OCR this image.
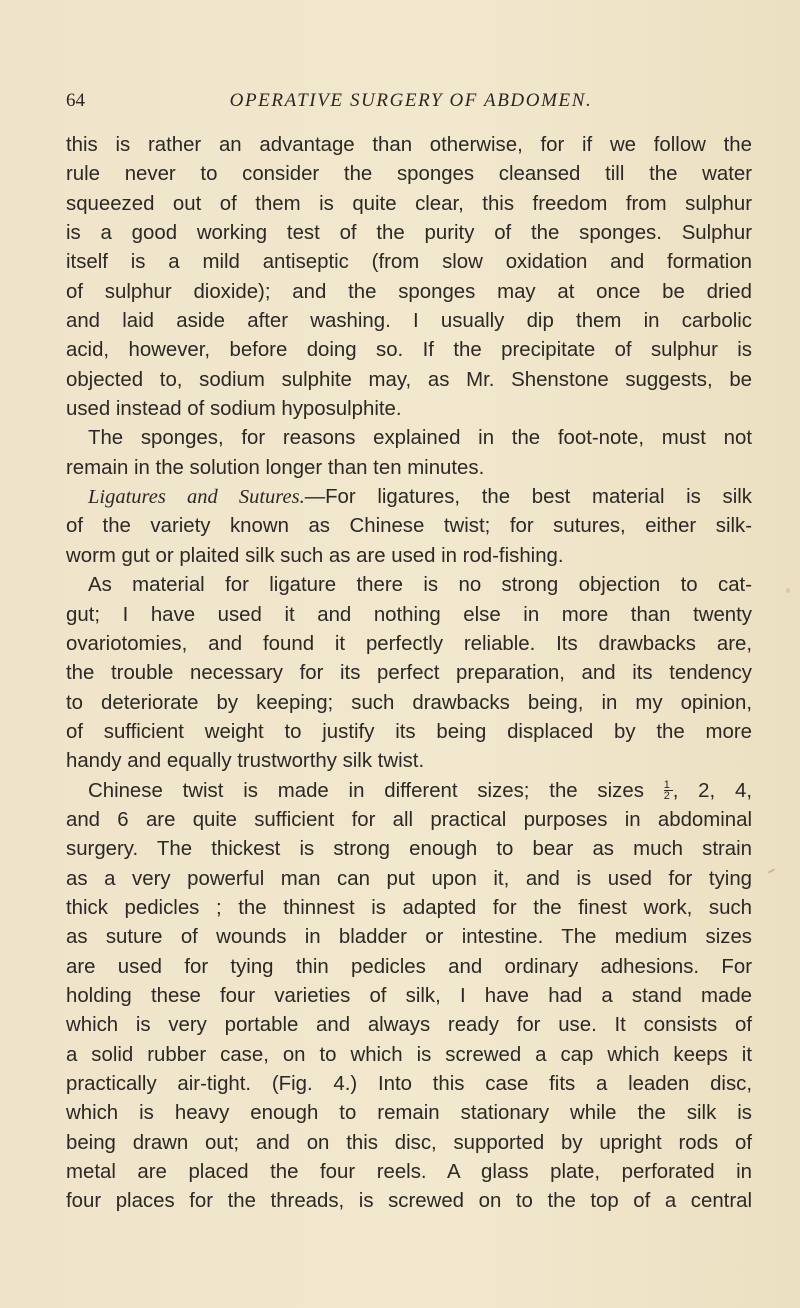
64	OPERATIVE SURGERY OF ABDOMEN.
this is rather an advantage than otherwise, for if we follow the
rule never to consider the sponges cleansed till the water
squeezed out of them is quite clear, this freedom from sulphur
is a good working test of the purity of the sponges. Sulphur
itself is a mild antiseptic (from slow oxidation and formation
of sulphur dioxide); and the sponges may at once be dried
and laid aside after washing. I usually dip them in carbolic
acid, however, before doing so. If the precipitate of sulphur is
objected to, sodium sulphite may, as Mr. Shenstone suggests, be
used instead of sodium hyposulphite.
The sponges, for reasons explained in the foot-note, must not
remain in the solution longer than ten minutes.
Ligatures and Sutures.—For ligatures, the best material is silk
of the variety known as Chinese twist; for sutures, either silk-
worm gut or plaited silk such as are used in rod-fishing.
As material for ligature there is no strong objection to cat-
gut; I have used it and nothing else in more than twenty
ovariotomies, and found it perfectly reliable. Its drawbacks are,
the trouble necessary for its perfect preparation, and its tendency
to deteriorate by keeping; such drawbacks being, in my opinion,
of sufficient weight to justify its being displaced by the more
handy and equally trustworthy silk twist.
Chinese twist is made in different sizes; the sizes $\frac{1}{2}$ , 2, 4,
and 6 are quite sufficient for all practical purposes in abdominal
surgery. The thickest is strong enough to bear as much strain
as a very powerful man can put upon it, and is used for tying
thick pedicles ; the thinnest is adapted for the finest work, such
as suture of wounds in bladder or intestine. The medium sizes
are used for tying thin pedicles and ordinary adhesions. For
holding these four varieties of silk, I have had a stand made
which is very portable and always ready for use. It consists of
a solid rubber case, on to which is screwed a cap which keeps it
practically air-tight. (Fig. 4.) Into this case fits a leaden disc,
which is heavy enough to remain stationary while the silk is
being drawn out; and on this disc, supported by upright rods of
metal are placed the four reels. A glass plate, perforated in
four places for the threads, is screwed on to the top of a central
